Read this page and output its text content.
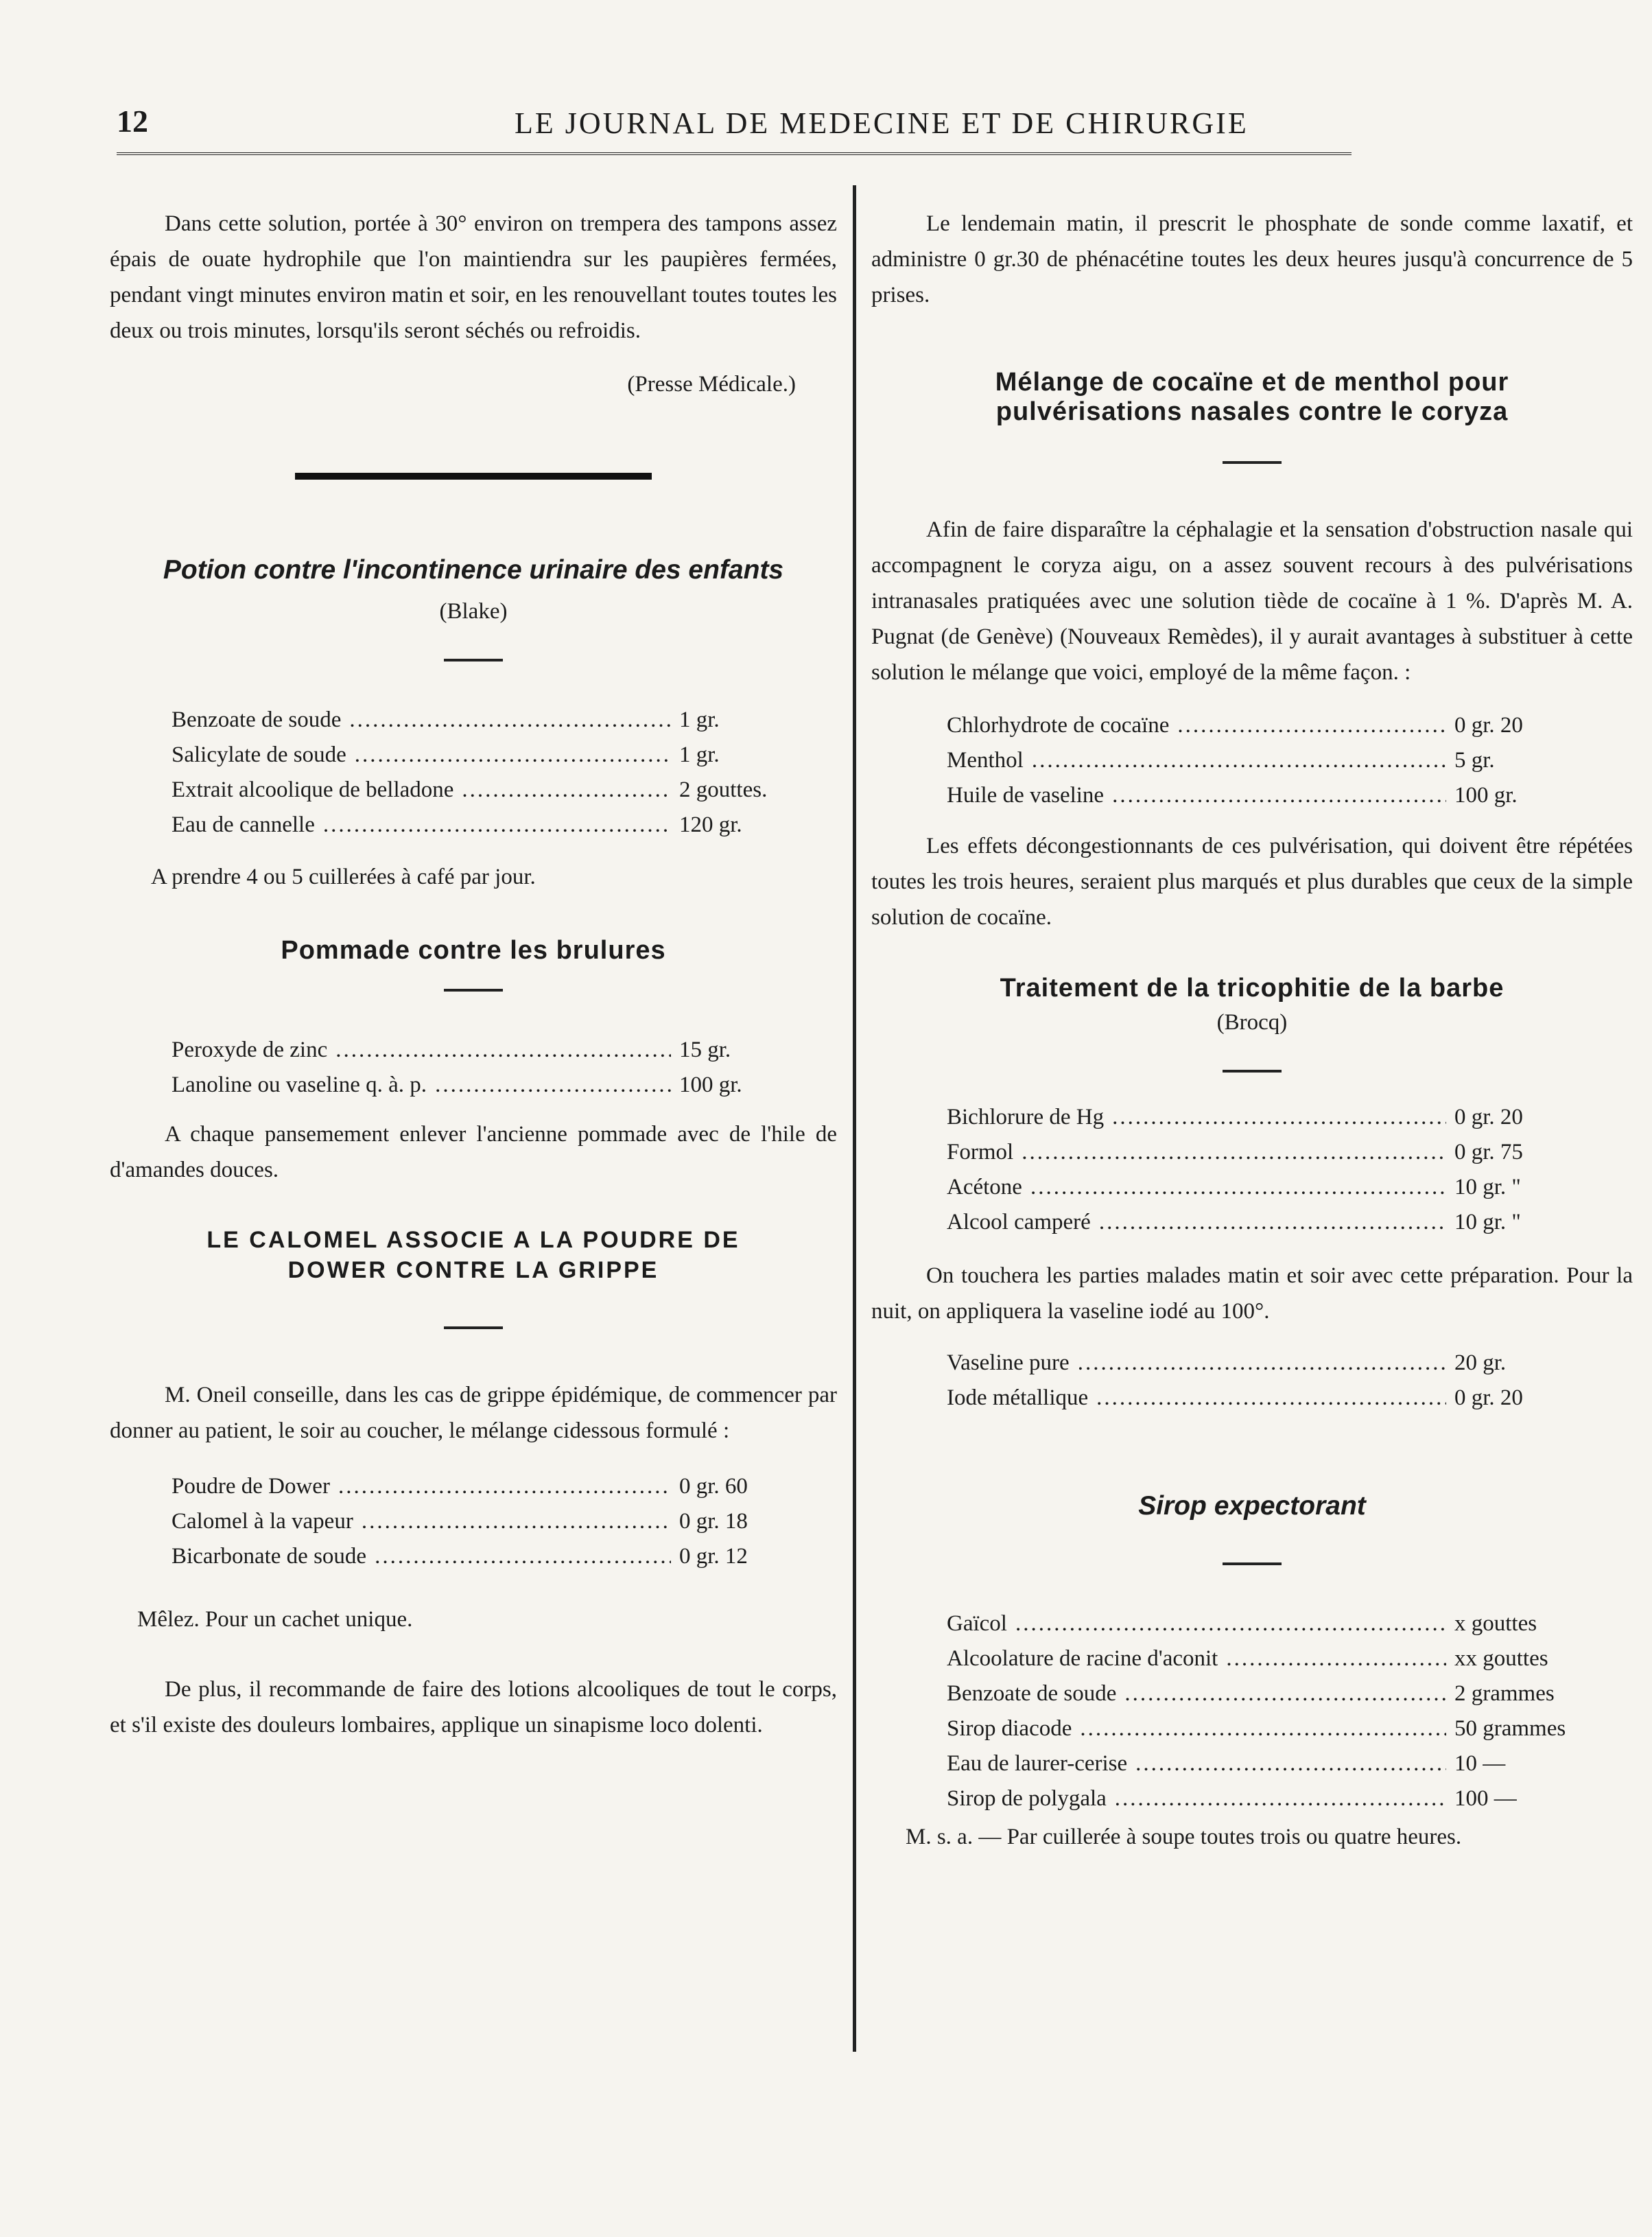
12	LE JOURNAL DE MEDECINE ET DE CHIRURGIE

Dans cette solution, portée à 30° environ on trempera des tampons assez épais de ouate hydrophile que l'on maintiendra sur les paupières fermées, pendant vingt minutes environ matin et soir, en les renouvellant toutes toutes les deux ou trois minutes, lorsqu'ils seront séchés ou refroidis.

(Presse Médicale.)
Potion contre l'incontinence urinaire des enfants
(Blake)
Benzoate de soude .....	1 gr.
Salicylate de soude .....	1 gr.
Extrait alcoolique de belladone .....	2 gouttes.
Eau de cannelle .....	120 gr.
A prendre 4 ou 5 cuillerées à café par jour.
Pommade contre les brulures
Peroxyde de zinc .....	15 gr.
Lanoline ou vaseline q. à. p. .....	100 gr.

A chaque pansemement enlever l'ancienne pommade avec de l'hile de d'amandes douces.

LE CALOMEL ASSOCIE A LA POUDRE DE
DOWER CONTRE LA GRIPPE

M. Oneil conseille, dans les cas de grippe épidémique, de commencer par donner au patient, le soir au coucher, le mélange cidessous formulé :

Poudre de Dower .....	0 gr. 60
Calomel à la vapeur .....	0 gr. 18
Bicarbonate de soude .....	0 gr. 12
Mêlez. Pour un cachet unique.

De plus, il recommande de faire des lotions alcooliques de tout le corps, et s'il existe des douleurs lombaires, applique un sinapisme loco dolenti.

Le lendemain matin, il prescrit le phosphate de sonde comme laxatif, et administre 0 gr.30 de phénacétine toutes les deux heures jusqu'à concurrence de 5 prises.

Mélange de cocaïne et de menthol pour
pulvérisations nasales contre le coryza

Afin de faire disparaître la céphalagie et la sensation d'obstruction nasale qui accompagnent le coryza aigu, on a assez souvent recours à des pulvérisations intranasales pratiquées avec une solution tiède de cocaïne à 1 %. D'après M. A. Pugnat (de Genève) (Nouveaux Remèdes), il y aurait avantages à substituer à cette solution le mélange que voici, employé de la même façon. :

Chlorhydrote de cocaïne .....	0 gr. 20
Menthol .....	5 gr.
Huile de vaseline .....	100 gr.

Les effets décongestionnants de ces pulvérisation, qui doivent être répétées toutes les trois heures, seraient plus marqués et plus durables que ceux de la simple solution de cocaïne.

Traitement de la tricophitie de la barbe
(Brocq)
Bichlorure de Hg .....	0 gr. 20
Formol .....	0 gr. 75
Acétone .....	10 gr. "
Alcool camperé .....	10 gr. "

On touchera les parties malades matin et soir avec cette préparation. Pour la nuit, on appliquera la vaseline iodé au 100°.

Vaseline pure .....	20 gr.
Iode métallique .....	0 gr. 20
Sirop expectorant
Gaïcol .....	x gouttes
Alcoolature de racine d'aconit .....	xx gouttes
Benzoate de soude .....	2 grammes
Sirop diacode .....	50 grammes
Eau de laurer-cerise .....	10 —
Sirop de polygala .....	100 —
M. s. a. — Par cuillerée à soupe toutes trois ou quatre heures.
